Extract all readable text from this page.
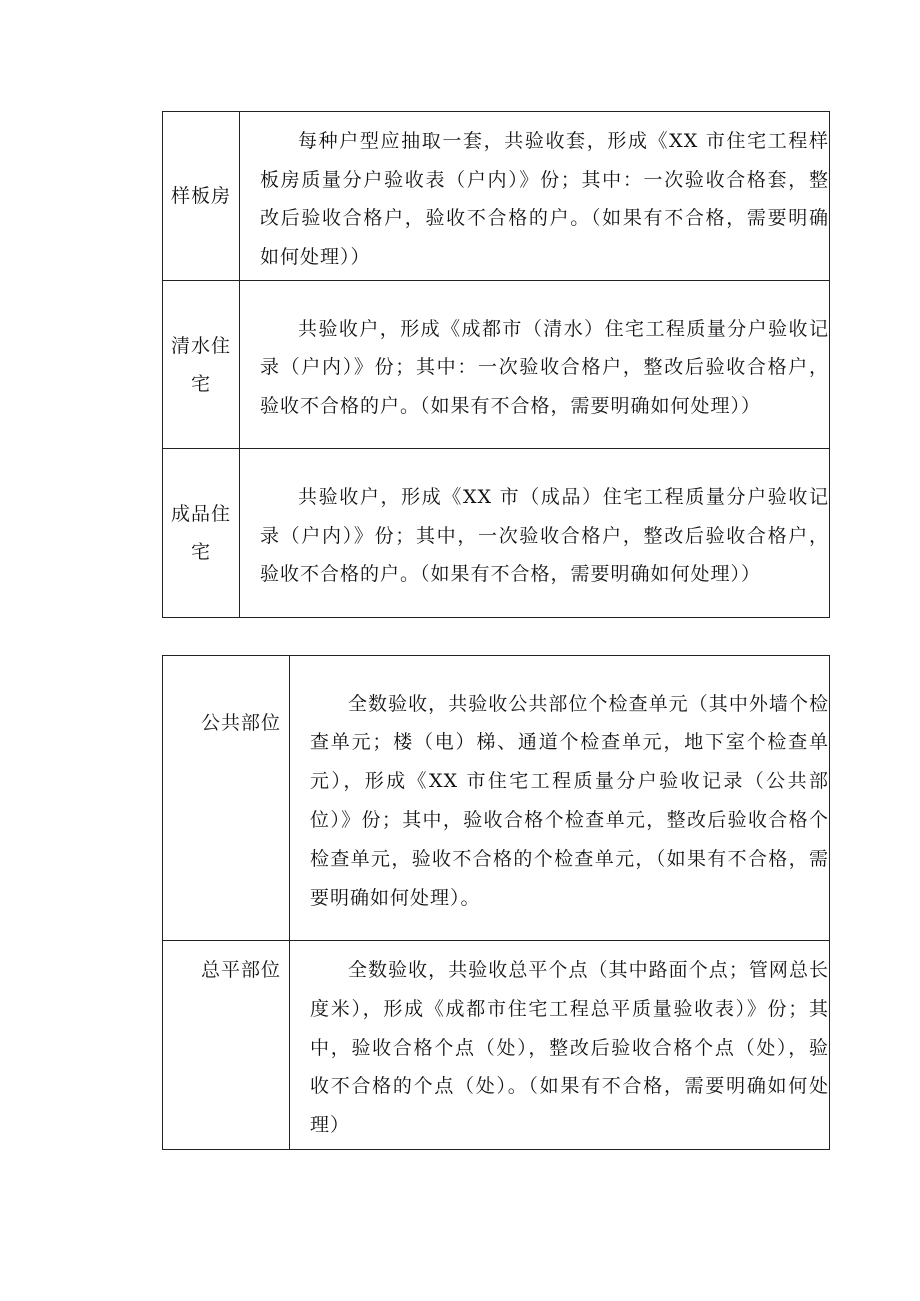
样板房	每种户型应抽取一套，共验收套，形成《XX 市住宅工程样板房质量分户验收表（户内）》份；其中：一次验收合格套，整改后验收合格户，验收不合格的户。（如果有不合格，需要明确如何处理））

清水住宅	共验收户，形成《成都市（清水）住宅工程质量分户验收记录（户内）》份；其中：一次验收合格户，整改后验收合格户，验收不合格的户。（如果有不合格，需要明确如何处理））

成品住宅	共验收户，形成《XX 市（成品）住宅工程质量分户验收记录（户内）》份；其中，一次验收合格户，整改后验收合格户，验收不合格的户。（如果有不合格，需要明确如何处理））

公共部位	全数验收，共验收公共部位个检查单元（其中外墙个检查单元；楼（电）梯、通道个检查单元，地下室个检查单元），形成《XX 市住宅工程质量分户验收记录（公共部位）》份；其中，验收合格个检查单元，整改后验收合格个检查单元，验收不合格的个检查单元，（如果有不合格，需要明确如何处理）。

总平部位	全数验收，共验收总平个点（其中路面个点；管网总长度米），形成《成都市住宅工程总平质量验收表）》份；其中，验收合格个点（处），整改后验收合格个点（处），验收不合格的个点（处）。（如果有不合格，需要明确如何处理）
